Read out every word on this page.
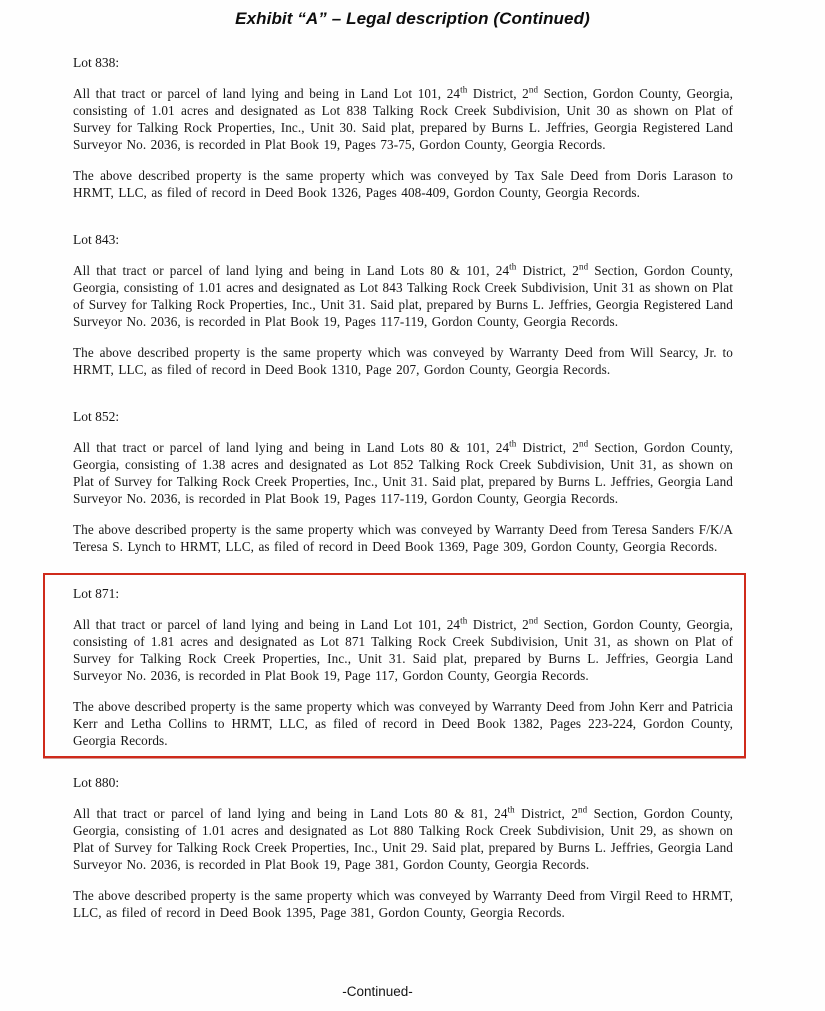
Exhibit “A” – Legal description (Continued)
Lot 838:

All that tract or parcel of land lying and being in Land Lot 101, 24th District, 2nd Section, Gordon County, Georgia, consisting of 1.01 acres and designated as Lot 838 Talking Rock Creek Subdivision, Unit 30 as shown on Plat of Survey for Talking Rock Properties, Inc., Unit 30. Said plat, prepared by Burns L. Jeffries, Georgia Registered Land Surveyor No. 2036, is recorded in Plat Book 19, Pages 73-75, Gordon County, Georgia Records.

The above described property is the same property which was conveyed by Tax Sale Deed from Doris Larason to HRMT, LLC, as filed of record in Deed Book 1326, Pages 408-409, Gordon County, Georgia Records.

Lot 843:

All that tract or parcel of land lying and being in Land Lots 80 & 101, 24th District, 2nd Section, Gordon County, Georgia, consisting of 1.01 acres and designated as Lot 843 Talking Rock Creek Subdivision, Unit 31 as shown on Plat of Survey for Talking Rock Properties, Inc., Unit 31. Said plat, prepared by Burns L. Jeffries, Georgia Registered Land Surveyor No. 2036, is recorded in Plat Book 19, Pages 117-119, Gordon County, Georgia Records.

The above described property is the same property which was conveyed by Warranty Deed from Will Searcy, Jr. to HRMT, LLC, as filed of record in Deed Book 1310, Page 207, Gordon County, Georgia Records.

Lot 852:

All that tract or parcel of land lying and being in Land Lots 80 & 101, 24th District, 2nd Section, Gordon County, Georgia, consisting of 1.38 acres and designated as Lot 852 Talking Rock Creek Subdivision, Unit 31, as shown on Plat of Survey for Talking Rock Creek Properties, Inc., Unit 31. Said plat, prepared by Burns L. Jeffries, Georgia Land Surveyor No. 2036, is recorded in Plat Book 19, Pages 117-119, Gordon County, Georgia Records.

The above described property is the same property which was conveyed by Warranty Deed from Teresa Sanders F/K/A Teresa S. Lynch to HRMT, LLC, as filed of record in Deed Book 1369, Page 309, Gordon County, Georgia Records.

Lot 871:

All that tract or parcel of land lying and being in Land Lot 101, 24th District, 2nd Section, Gordon County, Georgia, consisting of 1.81 acres and designated as Lot 871 Talking Rock Creek Subdivision, Unit 31, as shown on Plat of Survey for Talking Rock Creek Properties, Inc., Unit 31. Said plat, prepared by Burns L. Jeffries, Georgia Land Surveyor No. 2036, is recorded in Plat Book 19, Page 117, Gordon County, Georgia Records.

The above described property is the same property which was conveyed by Warranty Deed from John Kerr and Patricia Kerr and Letha Collins to HRMT, LLC, as filed of record in Deed Book 1382, Pages 223-224, Gordon County, Georgia Records.

Lot 880:

All that tract or parcel of land lying and being in Land Lots 80 & 81, 24th District, 2nd Section, Gordon County, Georgia, consisting of 1.01 acres and designated as Lot 880 Talking Rock Creek Subdivision, Unit 29, as shown on Plat of Survey for Talking Rock Creek Properties, Inc., Unit 29. Said plat, prepared by Burns L. Jeffries, Georgia Land Surveyor No. 2036, is recorded in Plat Book 19, Page 381, Gordon County, Georgia Records.

The above described property is the same property which was conveyed by Warranty Deed from Virgil Reed to HRMT, LLC, as filed of record in Deed Book 1395, Page 381, Gordon County, Georgia Records.

-Continued-
